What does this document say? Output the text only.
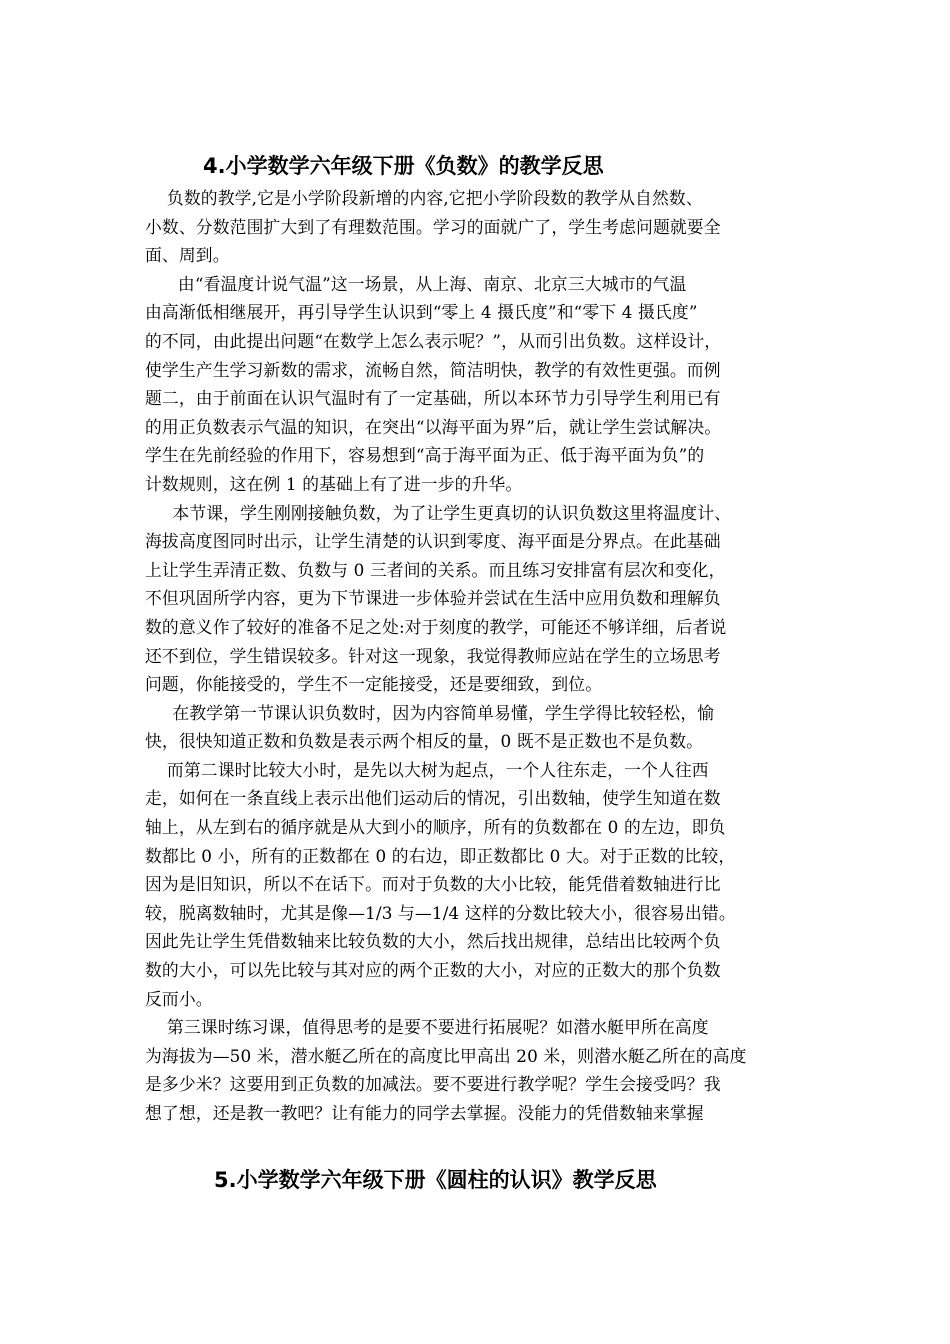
4.小学数学六年级下册《负数》的教学反思
负数的教学,它是小学阶段新增的内容,它把小学阶段数的教学从自然数、
小数、分数范围扩大到了有理数范围。学习的面就广了，学生考虑问题就要全
面、周到。
由“看温度计说气温”这一场景，从上海、南京、北京三大城市的气温
由高渐低相继展开，再引导学生认识到“零上 4 摄氏度”和“零下 4 摄氏度”
的不同，由此提出问题“在数学上怎么表示呢？”，从而引出负数。这样设计，
使学生产生学习新数的需求，流畅自然，简洁明快，教学的有效性更强。而例
题二，由于前面在认识气温时有了一定基础，所以本环节力引导学生利用已有
的用正负数表示气温的知识，在突出“以海平面为界”后，就让学生尝试解决。
学生在先前经验的作用下，容易想到“高于海平面为正、低于海平面为负”的
计数规则，这在例 1 的基础上有了进一步的升华。
本节课，学生刚刚接触负数，为了让学生更真切的认识负数这里将温度计、
海拔高度图同时出示，让学生清楚的认识到零度、海平面是分界点。在此基础
上让学生弄清正数、负数与 0 三者间的关系。而且练习安排富有层次和变化，
不但巩固所学内容，更为下节课进一步体验并尝试在生活中应用负数和理解负
数的意义作了较好的准备不足之处:对于刻度的教学，可能还不够详细，后者说
还不到位，学生错误较多。针对这一现象，我觉得教师应站在学生的立场思考
问题，你能接受的，学生不一定能接受，还是要细致，到位。
在教学第一节课认识负数时，因为内容简单易懂，学生学得比较轻松，愉
快，很快知道正数和负数是表示两个相反的量，0 既不是正数也不是负数。
而第二课时比较大小时，是先以大树为起点，一个人往东走，一个人往西
走，如何在一条直线上表示出他们运动后的情况，引出数轴，使学生知道在数
轴上，从左到右的循序就是从大到小的顺序，所有的负数都在 0 的左边，即负
数都比 0 小，所有的正数都在 0 的右边，即正数都比 0 大。对于正数的比较，
因为是旧知识，所以不在话下。而对于负数的大小比较，能凭借着数轴进行比
较，脱离数轴时，尤其是像—1/3 与—1/4 这样的分数比较大小，很容易出错。
因此先让学生凭借数轴来比较负数的大小，然后找出规律，总结出比较两个负
数的大小，可以先比较与其对应的两个正数的大小，对应的正数大的那个负数
反而小。
第三课时练习课，值得思考的是要不要进行拓展呢？如潜水艇甲所在高度
为海拔为—50 米，潜水艇乙所在的高度比甲高出 20 米，则潜水艇乙所在的高度
是多少米？这要用到正负数的加减法。要不要进行教学呢？学生会接受吗？我
想了想，还是教一教吧？让有能力的同学去掌握。没能力的凭借数轴来掌握
5.小学数学六年级下册《圆柱的认识》教学反思
